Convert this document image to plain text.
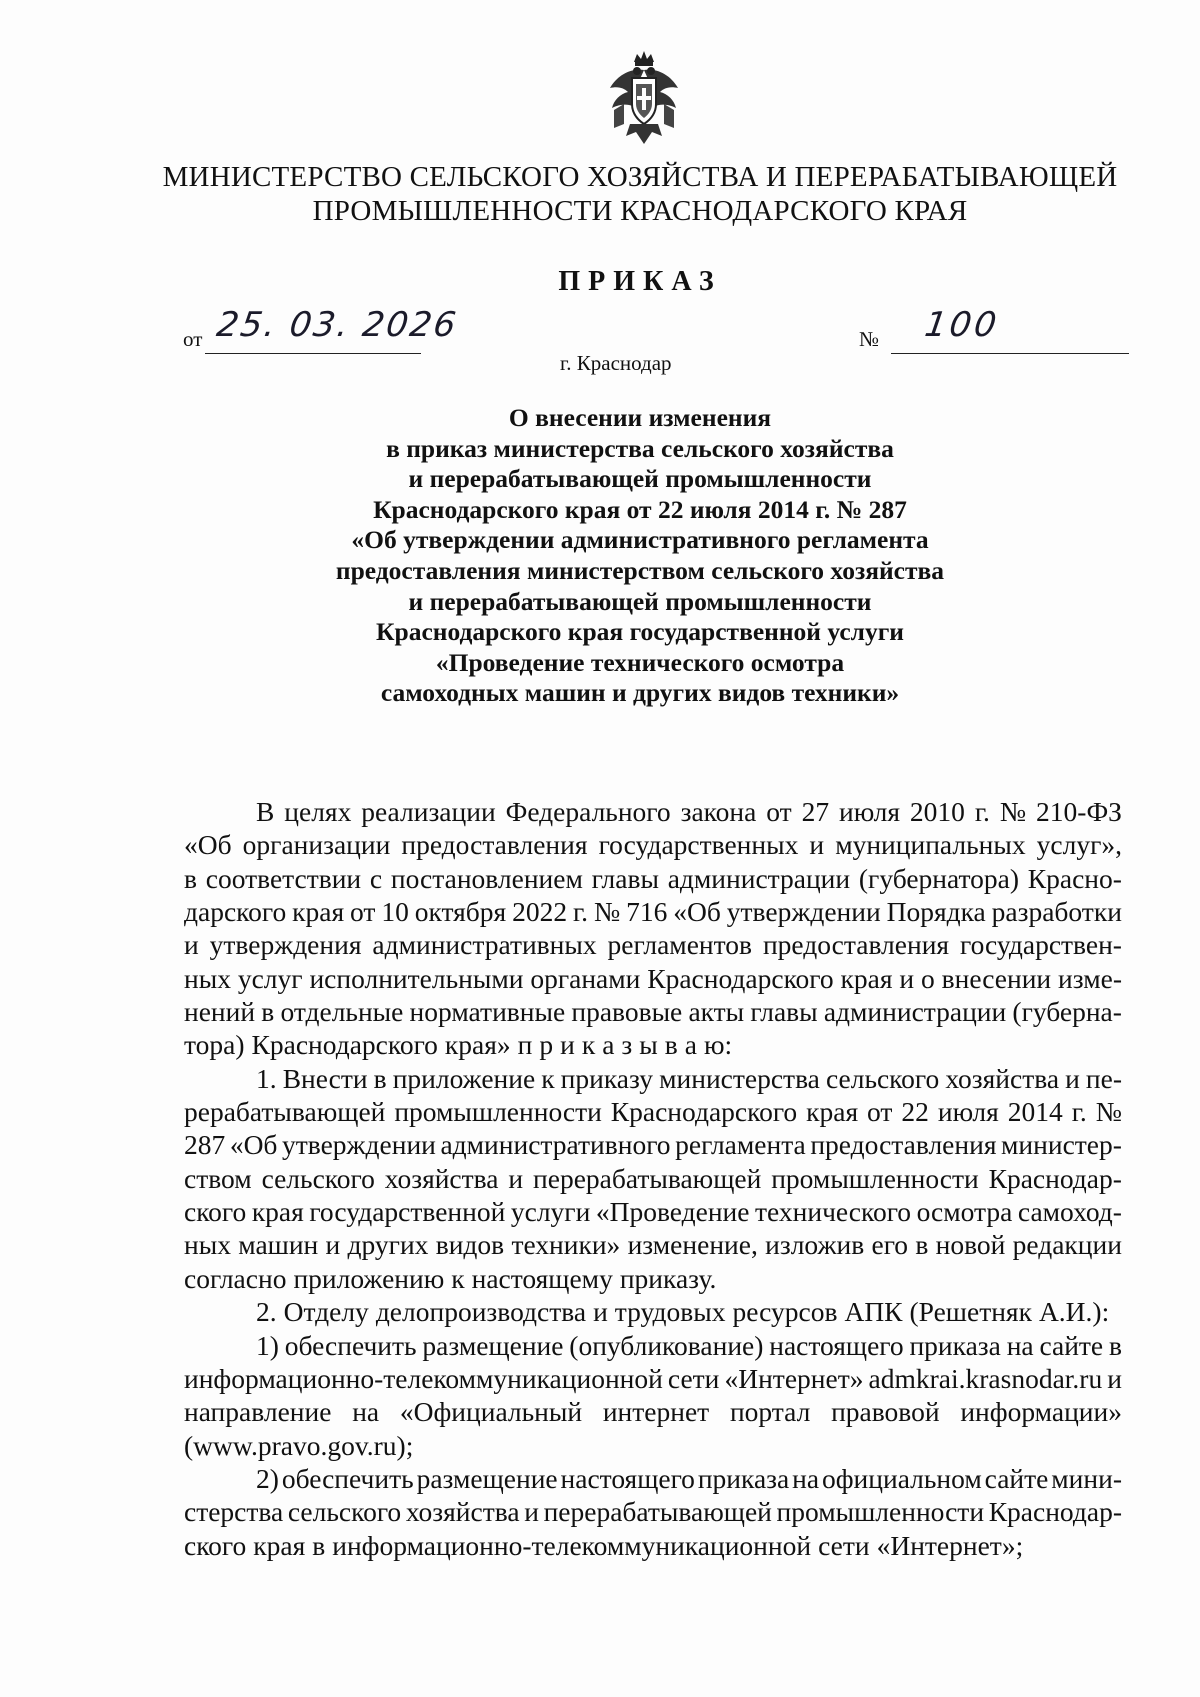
МИНИСТЕРСТВО СЕЛЬСКОГО ХОЗЯЙСТВА И ПЕРЕРАБАТЫВАЮЩЕЙ
ПРОМЫШЛЕННОСТИ КРАСНОДАРСКОГО КРАЯ
ПРИКАЗ
от 25. 03. 2026	№ 100
г. Краснодар
О внесении изменения
в приказ министерства сельского хозяйства
и перерабатывающей промышленности
Краснодарского края от 22 июля 2014 г. № 287
«Об утверждении административного регламента
предоставления министерством сельского хозяйства
и перерабатывающей промышленности
Краснодарского края государственной услуги
«Проведение технического осмотра
самоходных машин и других видов техники»
В целях реализации Федерального закона от 27 июля 2010 г. № 210-ФЗ
«Об организации предоставления государственных и муниципальных услуг»,
в соответствии с постановлением главы администрации (губернатора) Красно-
дарского края от 10 октября 2022 г. № 716 «Об утверждении Порядка разработки
и утверждения административных регламентов предоставления государствен-
ных услуг исполнительными органами Краснодарского края и о внесении изме-
нений в отдельные нормативные правовые акты главы администрации (губерна-
тора) Краснодарского края» п р и к а з ы в а ю:
1. Внести в приложение к приказу министерства сельского хозяйства и пе-
рерабатывающей промышленности Краснодарского края от 22 июля 2014 г. №
287 «Об утверждении административного регламента предоставления министер-
ством сельского хозяйства и перерабатывающей промышленности Краснодар-
ского края государственной услуги «Проведение технического осмотра самоход-
ных машин и других видов техники» изменение, изложив его в новой редакции
согласно приложению к настоящему приказу.
2. Отделу делопроизводства и трудовых ресурсов АПК (Решетняк А.И.):
1) обеспечить размещение (опубликование) настоящего приказа на сайте в
информационно-телекоммуникационной сети «Интернет» admkrai.krasnodar.ru и
направление на «Официальный интернет портал правовой информации»
(www.pravo.gov.ru);
2) обеспечить размещение настоящего приказа на официальном сайте мини-
стерства сельского хозяйства и перерабатывающей промышленности Краснодар-
ского края в информационно-телекоммуникационной сети «Интернет»;
